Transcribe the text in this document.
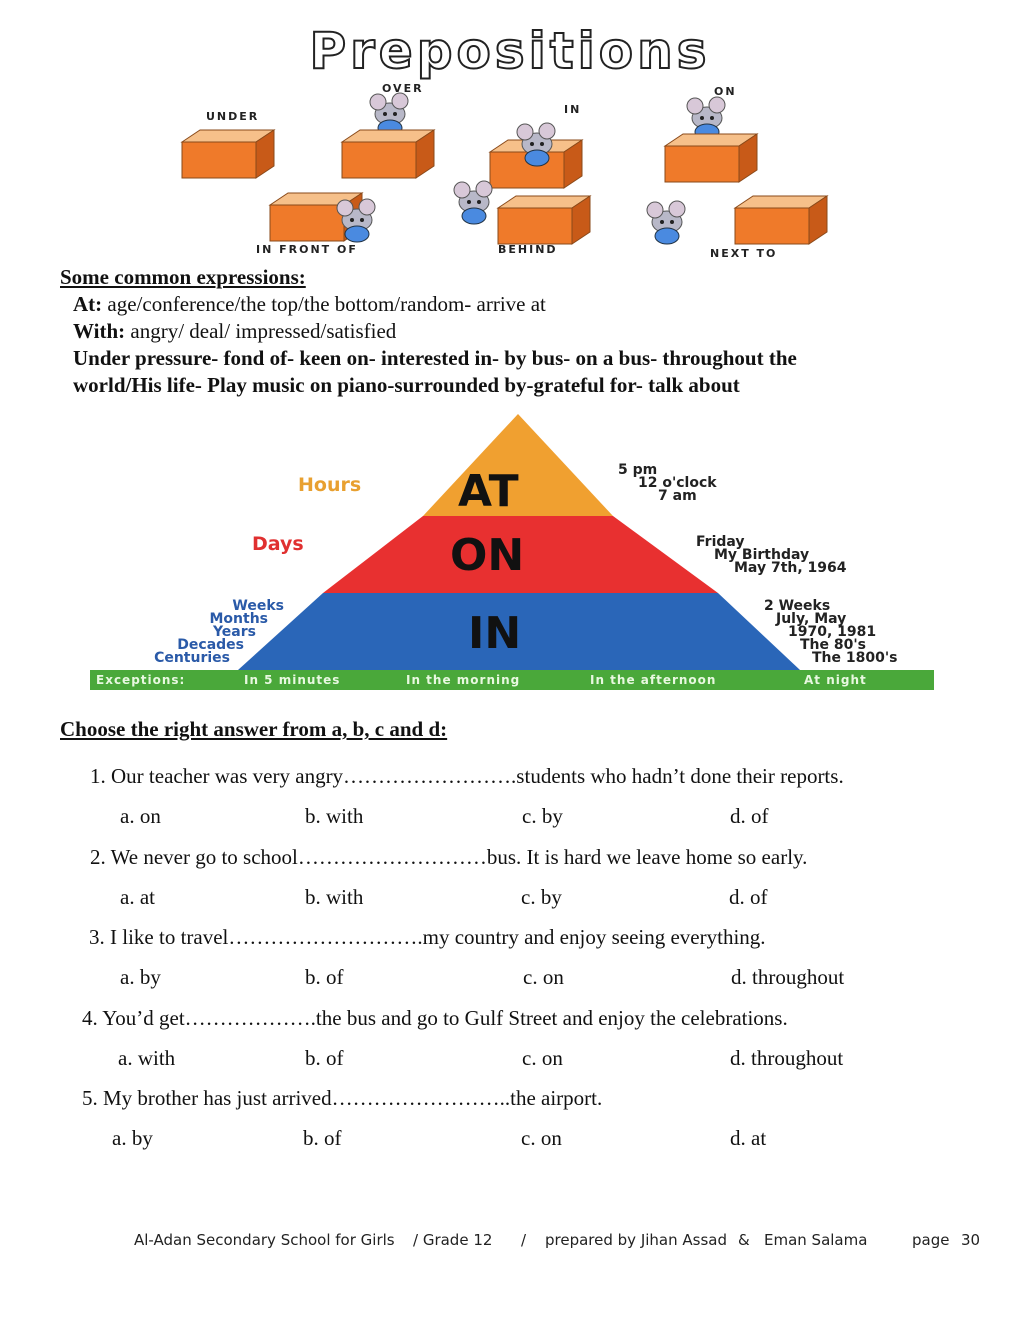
Prepositions
UNDER
OVER
IN
ON
IN FRONT OF	BEHIND	NEXT TO
Some common expressions:
At: age/conference/the top/the bottom/random- arrive at
With: angry/ deal/ impressed/satisfied
Under pressure- fond of- keen on- interested in- by bus- on a bus- throughout the
world/His life- Play music on piano-surrounded by-grateful for- talk about
AT
ON
IN
Hours
Days
Weeks
Months
Years
Decades
Centuries
5 pm
12 o'clock
7 am
Friday
My Birthday
May 7th, 1964
2 Weeks
July, May
1970, 1981
The 80's
The 1800's
Exceptions:	In 5 minutes	In the morning	In the afternoon	At night
Choose the right answer from a, b, c and d:
1. Our teacher was very angry…………………….students who hadn’t done their reports.
a. on	b. with	c. by	d. of
2. We never go to school………………………bus. It is hard we leave home so early.
a. at	b. with	c. by	d. of
3. I like to travel……………………….my country and enjoy seeing everything.
a. by	b. of	c. on	d. throughout
4. You’d get……………….the bus and go to Gulf Street and enjoy the celebrations.
a. with	b. of	c. on	d. throughout
5. My brother has just arrived……………………..the airport.
a. by	b. of	c. on	d. at
Al-Adan Secondary School for Girls / Grade 12 / prepared by Jihan Assad & Eman Salama	page 30
